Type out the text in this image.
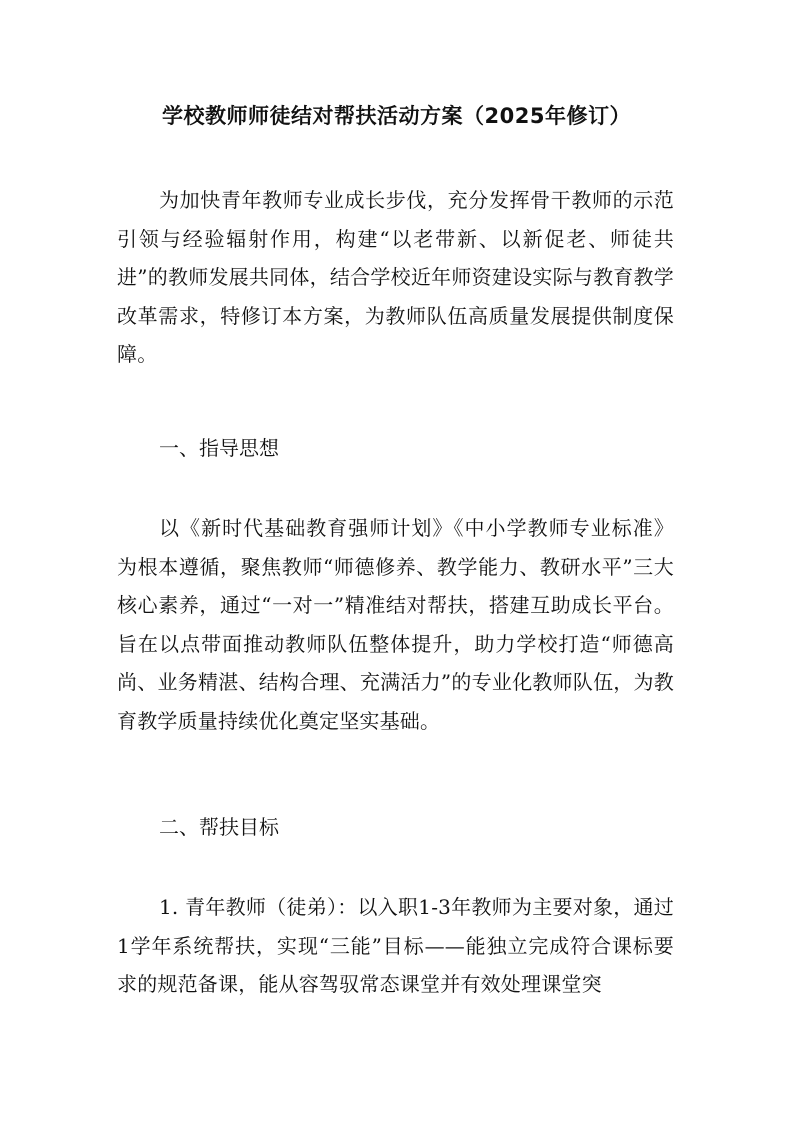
学校教师师徒结对帮扶活动方案（2025年修订）

为加快青年教师专业成长步伐，充分发挥骨干教师的示范引领与经验辐射作用，构建“以老带新、以新促老、师徒共进”的教师发展共同体，结合学校近年师资建设实际与教育教学改革需求，特修订本方案，为教师队伍高质量发展提供制度保障。

一、指导思想

以《新时代基础教育强师计划》《中小学教师专业标准》为根本遵循，聚焦教师“师德修养、教学能力、教研水平”三大核心素养，通过“一对一”精准结对帮扶，搭建互助成长平台。旨在以点带面推动教师队伍整体提升，助力学校打造“师德高尚、业务精湛、结构合理、充满活力”的专业化教师队伍，为教育教学质量持续优化奠定坚实基础。

二、帮扶目标

1. 青年教师（徒弟）：以入职1-3年教师为主要对象，通过1学年系统帮扶，实现“三能”目标——能独立完成符合课标要求的规范备课，能从容驾驭常态课堂并有效处理课堂突
